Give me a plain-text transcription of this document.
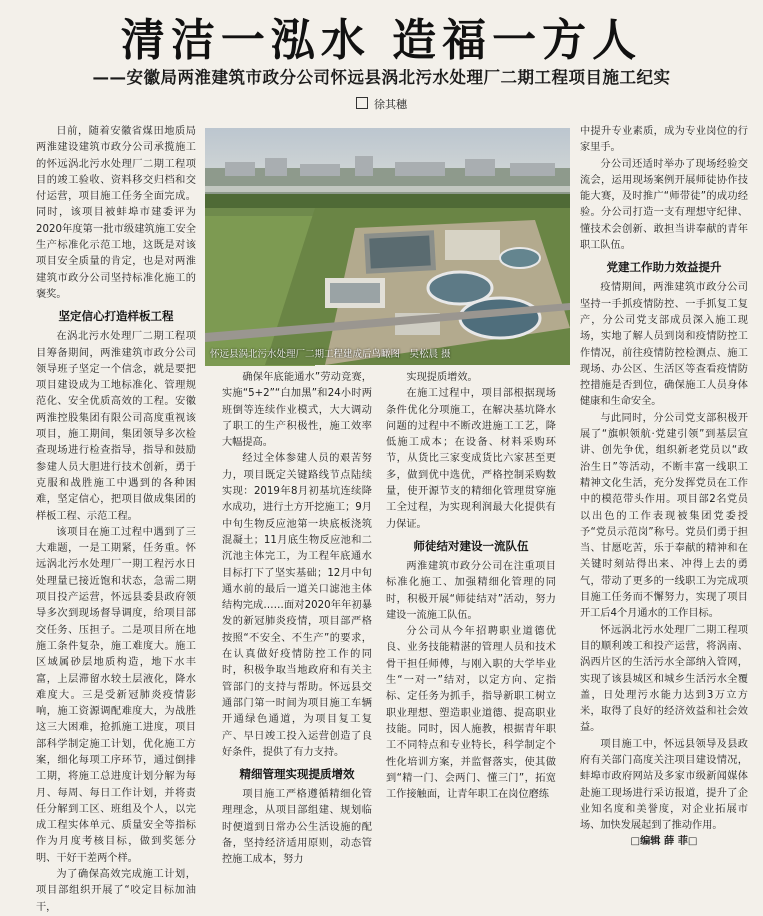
清洁一泓水 造福一方人
——安徽局两淮建筑市政分公司怀远县涡北污水处理厂二期工程项目施工纪实
徐其穗

日前，随着安徽省煤田地质局两淮建设建筑市政分公司承揽施工的怀远涡北污水处理厂二期工程项目的竣工验收、资料移交归档和交付运营，项目施工任务全面完成。同时，该项目被蚌埠市建委评为2020年度第一批市级建筑施工安全生产标准化示范工地，这既是对该项目安全质量的肯定，也是对两淮建筑市政分公司坚持标准化施工的褒奖。

坚定信心打造样板工程

在涡北污水处理厂二期工程项目筹备期间，两淮建筑市政分公司领导班子坚定一个信念，就是要把项目建设成为工地标准化、管理规范化、安全优质高效的工程。安徽两淮控股集团有限公司高度重视该项目，施工期间，集团领导多次检查现场进行检查指导，指导和鼓励参建人员大胆进行技术创新，勇于克服和战胜施工中遇到的各种困难，坚定信心，把项目做成集团的样板工程、示范工程。

该项目在施工过程中遇到了三大难题，一是工期紧，任务重。怀远涡北污水处理厂一期工程污水日处理量已接近饱和状态，急需二期项目投产运营，怀远县委县政府领导多次到现场督导调度，给项目部交任务、压担子。二是项目所在地施工条件复杂，施工难度大。施工区域属砂层地质构造，地下水丰富，上层滞留水较土层液化，降水难度大。三是受新冠肺炎疫情影响，施工资源调配难度大，为战胜这三大困难，抢抓施工进度，项目部科学制定施工计划，优化施工方案，细化每项工序环节，通过倒排工期，将施工总进度计划分解为每月、每周、每日工作计划，并将责任分解到工区、班组及个人，以完成工程实体单元、质量安全等指标作为月度考核目标，做到奖惩分明、干好干差两个样。

为了确保高效完成施工计划，项目部组织开展了“咬定目标加油干，

怀远县涡北污水处理厂二期工程建成后鸟瞰图　 吴松晨 摄

确保年底能通水”劳动竞赛，实施“5+2”“白加黑”和24小时两班倒等连续作业模式，大大调动了职工的生产积极性，施工效率大幅提高。

经过全体参建人员的艰苦努力，项目既定关键路线节点陆续实现：2019年8月初基坑连续降水成功，进行土方开挖施工；9月中旬生物反应池第一块底板浇筑混凝土；11月底生物反应池和二沉池主体完工，为工程年底通水目标打下了坚实基础；12月中旬通水前的最后一道关口滤池主体结构完成……面对2020年年初暴发的新冠肺炎疫情，项目部严格按照“不安全、不生产”的要求，在认真做好疫情防控工作的同时，积极争取当地政府和有关主管部门的支持与帮助。怀远县交通部门第一时间为项目施工车辆开通绿色通道，为项目复工复产、早日竣工投入运营创造了良好条件，提供了有力支持。

精细管理实现提质增效

项目施工严格遵循精细化管理理念，从项目部组建、规划临时便道到日常办公生活设施的配备，坚持经济适用原则，动态管控施工成本，努力

实现提质增效。

在施工过程中，项目部根据现场条件优化分项施工，在解决基坑降水问题的过程中不断改进施工工艺，降低施工成本；在设备、材料采购环节，从货比三家变成货比六家甚至更多，做到优中选优，严格控制采购数量，使开源节支的精细化管理贯穿施工全过程，为实现利润最大化提供有力保证。

师徒结对建设一流队伍

两淮建筑市政分公司在注重项目标准化施工、加强精细化管理的同时，积极开展“师徒结对”活动，努力建设一流施工队伍。

分公司从今年招聘职业道德优良、业务技能精湛的管理人员和技术骨干担任师傅，与刚入职的大学毕业生“一对一”结对，以定方向、定指标、定任务为抓手，指导新职工树立职业理想、塑造职业道德、提高职业技能。同时，因人施教，根据青年职工不同特点和专业特长，科学制定个性化培训方案，并监督落实，使其做到“精一门、会两门、懂三门”，拓宽工作接触面，让青年职工在岗位磨练

中提升专业素质，成为专业岗位的行家里手。

分公司还适时举办了现场经验交流会，运用现场案例开展师徒协作技能大赛，及时推广“师带徒”的成功经验。分公司打造一支有理想守纪律、懂技术会创新、敢担当讲奉献的青年职工队伍。

党建工作助力效益提升

疫情期间，两淮建筑市政分公司坚持一手抓疫情防控、一手抓复工复产，分公司党支部成员深入施工现场，实地了解人员到岗和疫情防控工作情况，前往疫情防控检测点、施工现场、办公区、生活区等查看疫情防控措施是否到位，确保施工人员身体健康和生命安全。

与此同时，分公司党支部积极开展了“旗帜领航·党建引领”到基层宣讲、创先争优，组织新老党员以“政治生日”等活动，不断丰富一线职工精神文化生活，充分发挥党员在工作中的模范带头作用。项目部2名党员以出色的工作表现被集团党委授予“党员示范岗”称号。党员们勇于担当、甘愿吃苦，乐于奉献的精神和在关键时刻站得出来、冲得上去的勇气，带动了更多的一线职工为完成项目施工任务而不懈努力，实现了项目开工后4个月通水的工作目标。

怀远涡北污水处理厂二期工程项目的顺利竣工和投产运营，将涡南、涡西片区的生活污水全部纳入管网，实现了该县城区和城乡生活污水全覆盖，日处理污水能力达到3万立方米，取得了良好的经济效益和社会效益。

项目施工中，怀远县领导及县政府有关部门高度关注项目建设情况，蚌埠市政府网站及多家市级新闻媒体赴施工现场进行采访报道，提升了企业知名度和美誉度，对企业拓展市场、加快发展起到了推动作用。

□编辑 薛 菲□
